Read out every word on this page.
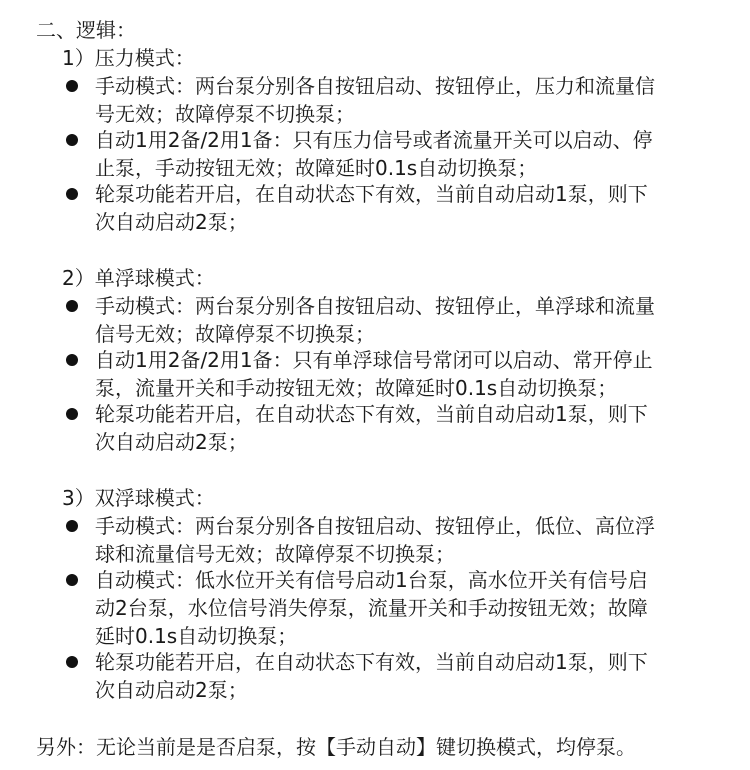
二、逻辑：
1）压力模式：
手动模式：两台泵分别各自按钮启动、按钮停止，压力和流量信
号无效；故障停泵不切换泵；
自动1用2备/2用1备：只有压力信号或者流量开关可以启动、停
止泵，手动按钮无效；故障延时0.1s自动切换泵；
轮泵功能若开启，在自动状态下有效，当前自动启动1泵，则下
次自动启动2泵；
2）单浮球模式：
手动模式：两台泵分别各自按钮启动、按钮停止，单浮球和流量
信号无效；故障停泵不切换泵；
自动1用2备/2用1备：只有单浮球信号常闭可以启动、常开停止
泵，流量开关和手动按钮无效；故障延时0.1s自动切换泵；
轮泵功能若开启，在自动状态下有效，当前自动启动1泵，则下
次自动启动2泵；
3）双浮球模式：
手动模式：两台泵分别各自按钮启动、按钮停止，低位、高位浮
球和流量信号无效；故障停泵不切换泵；
自动模式：低水位开关有信号启动1台泵，高水位开关有信号启
动2台泵，水位信号消失停泵，流量开关和手动按钮无效；故障
延时0.1s自动切换泵；
轮泵功能若开启，在自动状态下有效，当前自动启动1泵，则下
次自动启动2泵；
另外：无论当前是是否启泵，按【手动自动】键切换模式，均停泵。
